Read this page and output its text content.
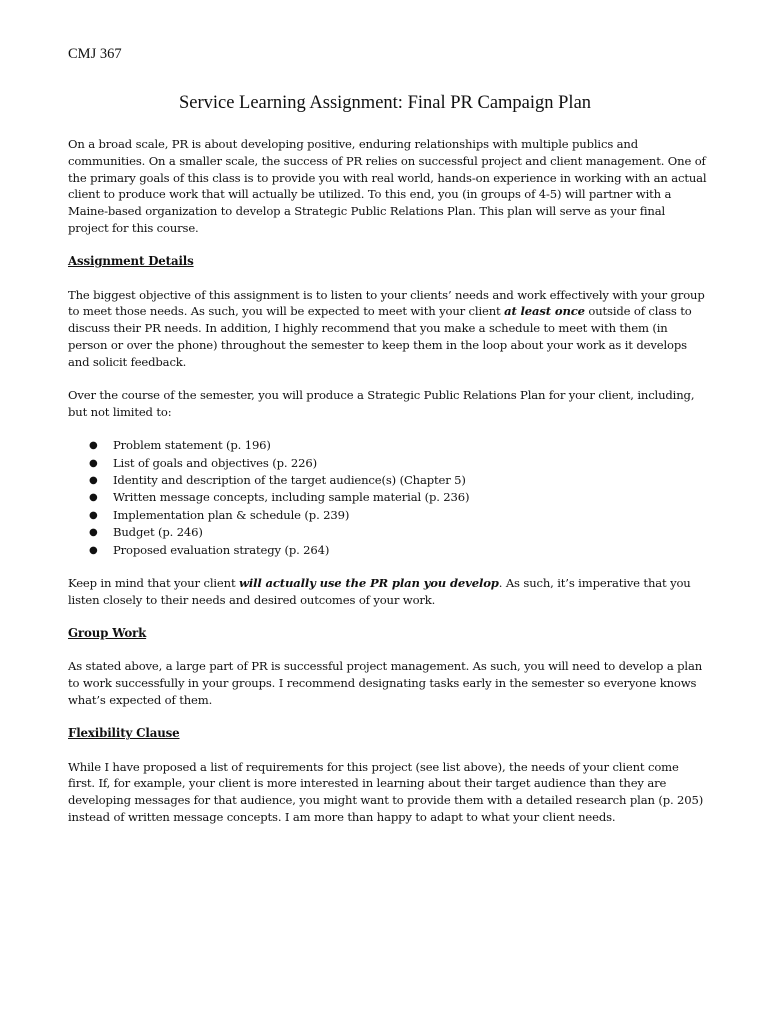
CMJ 367
Service Learning Assignment: Final PR Campaign Plan

On a broad scale, PR is about developing positive, enduring relationships with multiple publics and communities. On a smaller scale, the success of PR relies on successful project and client management. One of the primary goals of this class is to provide you with real world, hands-on experience in working with an actual client to produce work that will actually be utilized. To this end, you (in groups of 4-5) will partner with a Maine-based organization to develop a Strategic Public Relations Plan. This plan will serve as your final project for this course.

Assignment Details

The biggest objective of this assignment is to listen to your clients’ needs and work effectively with your group to meet those needs. As such, you will be expected to meet with your client at least once outside of class to discuss their PR needs. In addition, I highly recommend that you make a schedule to meet with them (in person or over the phone) throughout the semester to keep them in the loop about your work as it develops and solicit feedback.

Over the course of the semester, you will produce a Strategic Public Relations Plan for your client, including, but not limited to:

● Problem statement (p. 196)
● List of goals and objectives (p. 226)
● Identity and description of the target audience(s) (Chapter 5)
● Written message concepts, including sample material (p. 236)
● Implementation plan & schedule (p. 239)
● Budget (p. 246)
● Proposed evaluation strategy (p. 264)

Keep in mind that your client will actually use the PR plan you develop. As such, it’s imperative that you listen closely to their needs and desired outcomes of your work.

Group Work

As stated above, a large part of PR is successful project management. As such, you will need to develop a plan to work successfully in your groups. I recommend designating tasks early in the semester so everyone knows what’s expected of them.

Flexibility Clause

While I have proposed a list of requirements for this project (see list above), the needs of your client come first. If, for example, your client is more interested in learning about their target audience than they are developing messages for that audience, you might want to provide them with a detailed research plan (p. 205) instead of written message concepts. I am more than happy to adapt to what your client needs.
